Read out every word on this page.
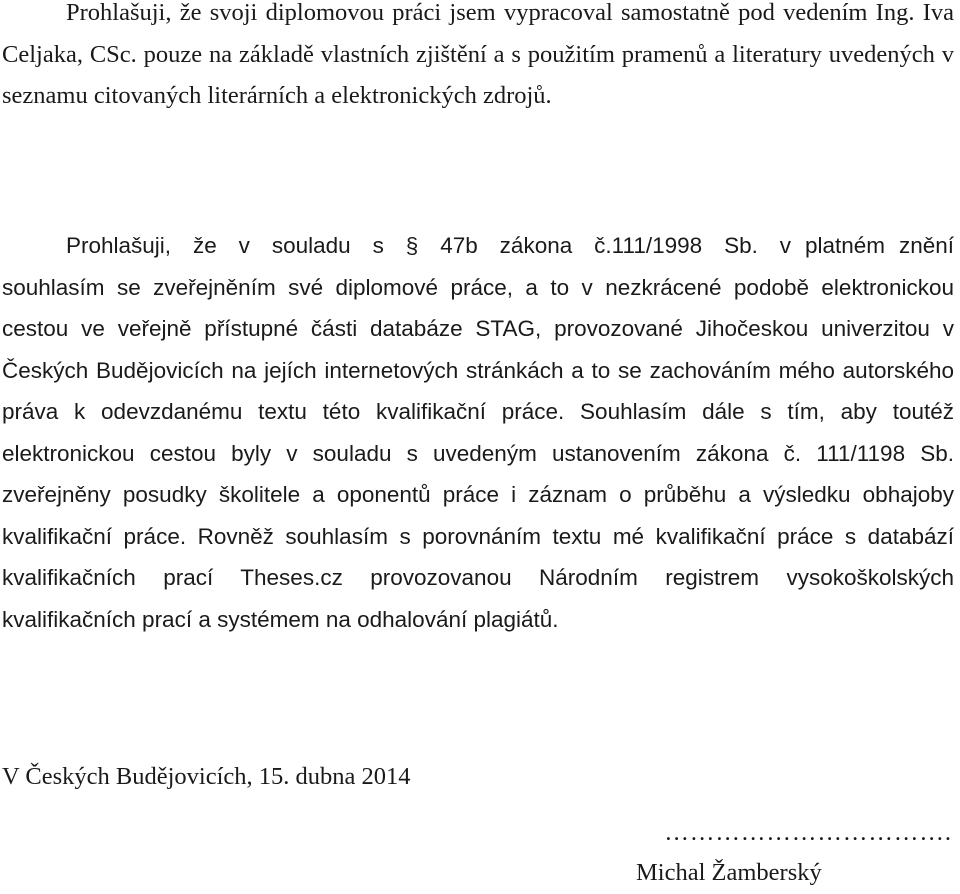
Prohlašuji, že svoji diplomovou práci jsem vypracoval samostatně pod vedením Ing. Iva Celjaka, CSc. pouze na základě vlastních zjištění a s použitím pramenů a literatury uvedených v seznamu citovaných literárních a elektronických zdrojů.

Prohlašuji, že v souladu s § 47b zákona č.111/1998 Sb. v platném znění souhlasím se zveřejněním své diplomové práce, a to v nezkrácené podobě elektronickou cestou ve veřejně přístupné části databáze STAG, provozované Jihočeskou univerzitou v Českých Budějovicích na jejích internetových stránkách a to se zachováním mého autorského práva k odevzdanému textu této kvalifikační práce. Souhlasím dále s tím, aby toutéž elektronickou cestou byly v souladu s uvedeným ustanovením zákona č. 111/1198 Sb. zveřejněny posudky školitele a oponentů práce i záznam o průběhu a výsledku obhajoby kvalifikační práce. Rovněž souhlasím s porovnáním textu mé kvalifikační práce s databází kvalifikačních prací Theses.cz provozovanou Národním registrem vysokoškolských kvalifikačních prací a systémem na odhalování plagiátů.

V Českých Budějovicích, 15. dubna 2014

…………………………….

Michal Žamberský
